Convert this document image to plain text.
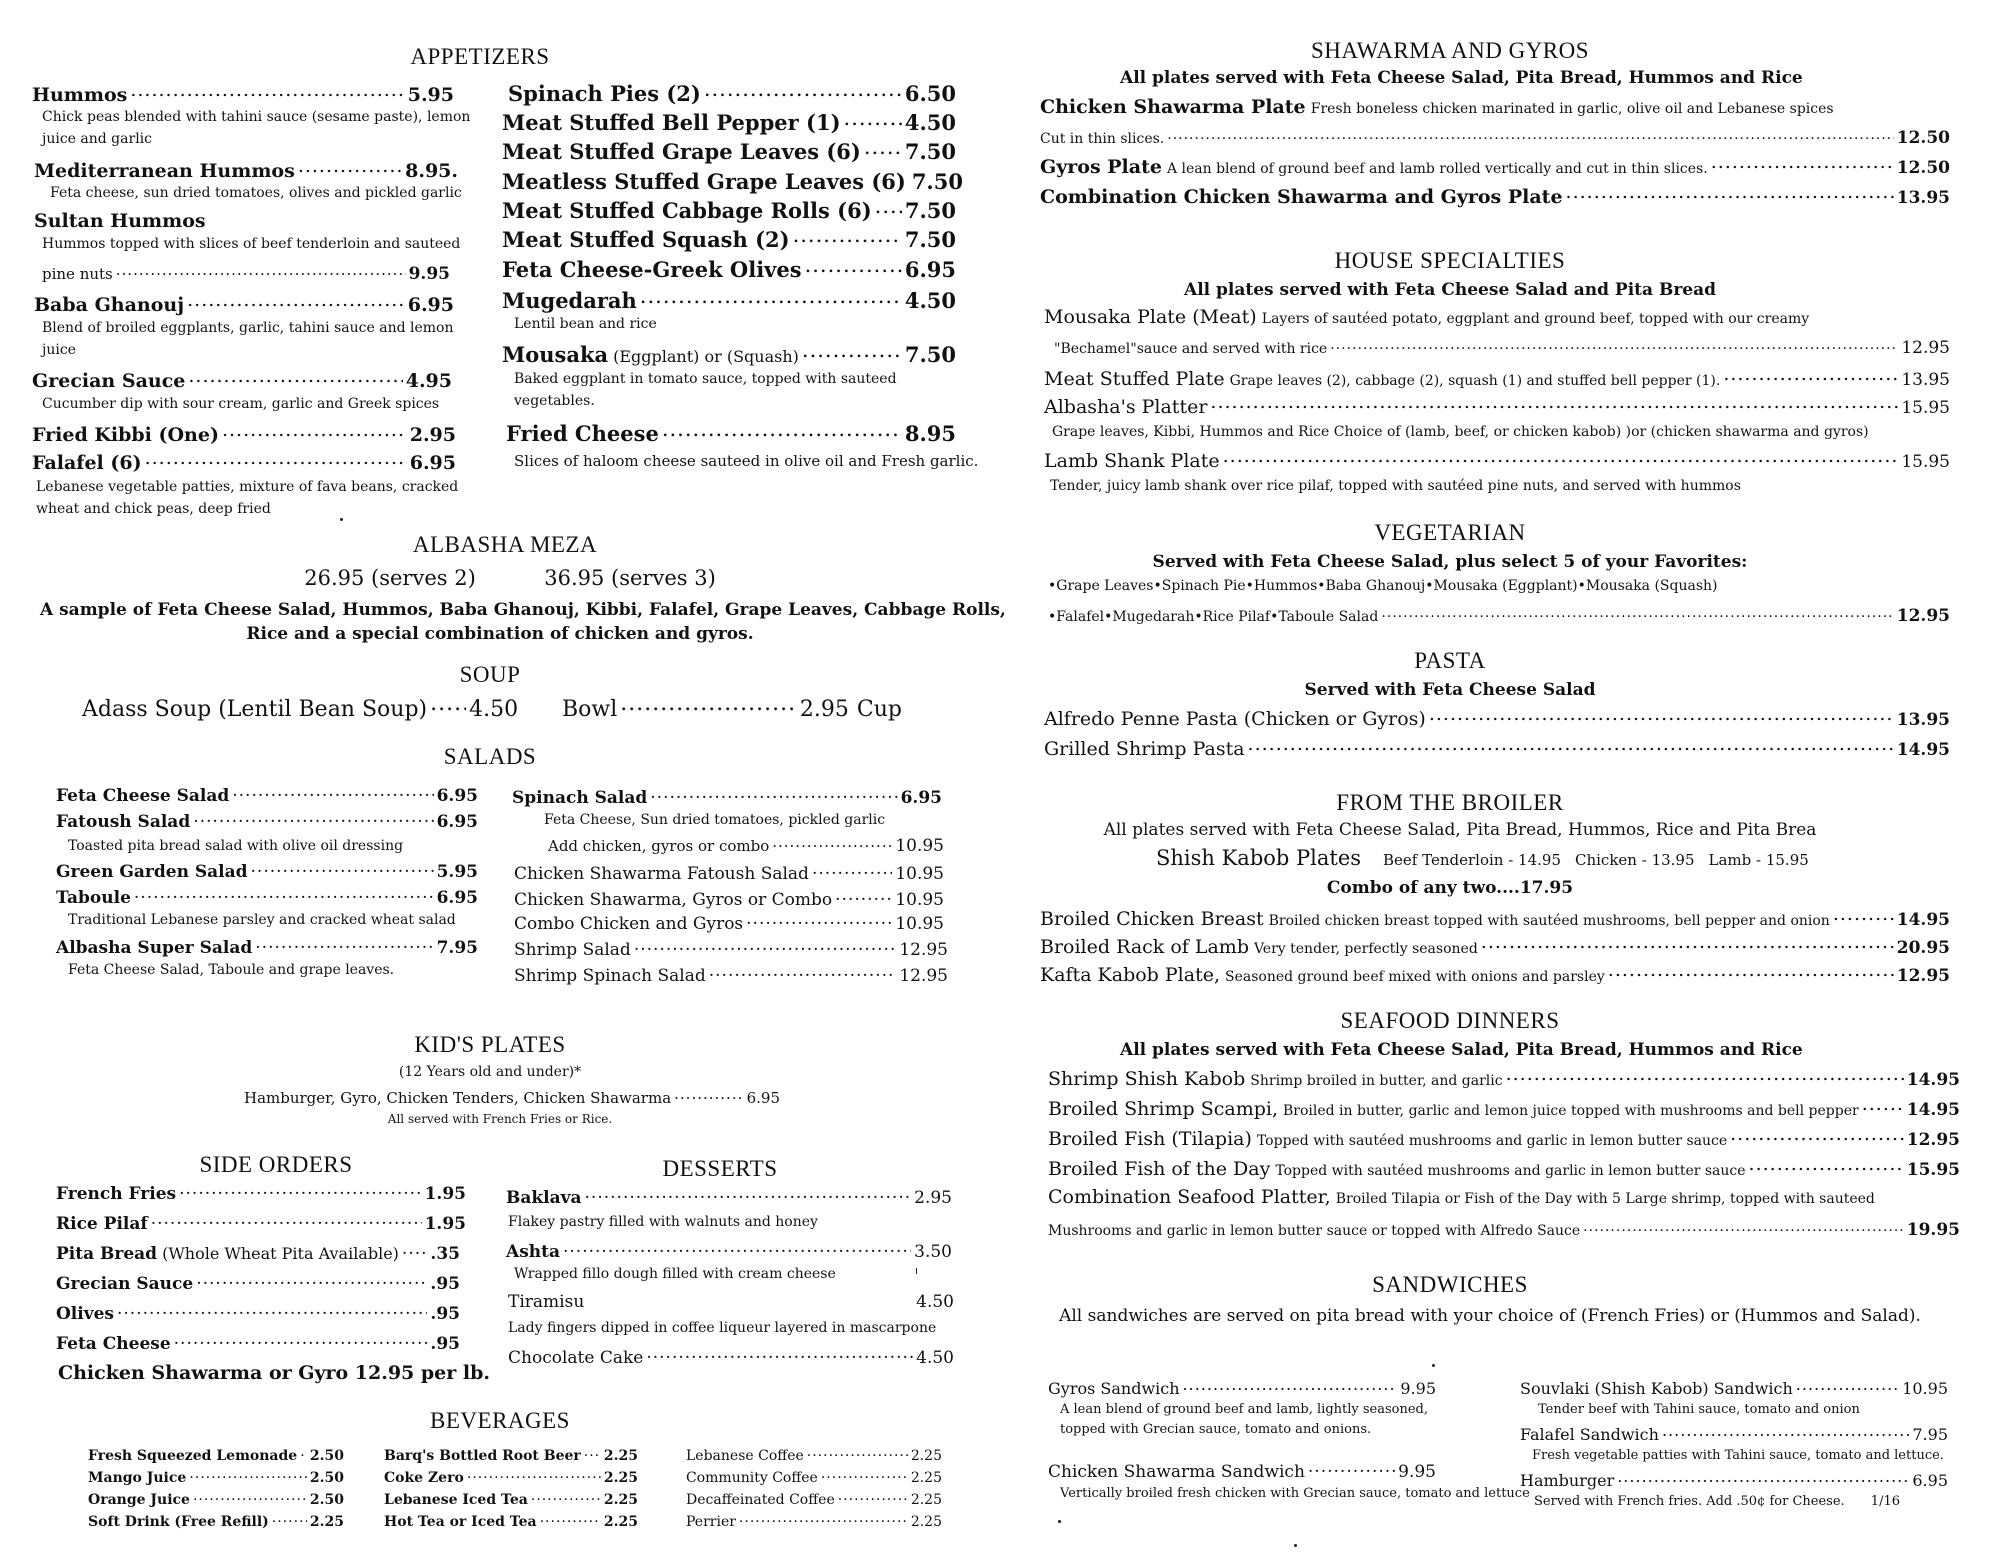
APPETIZERS
Hummos .....	5.95
Chick peas blended with tahini sauce (sesame paste), lemon juice and garlic
Mediterranean Hummos .....	8.95.
Feta cheese, sun dried tomatoes, olives and pickled garlic
Sultan Hummos
Hummos topped with slices of beef tenderloin and sauteed
pine nuts .....	9.95
Baba Ghanouj .....	6.95
Blend of broiled eggplants, garlic, tahini sauce and lemon juice
Grecian Sauce .....	4.95
Cucumber dip with sour cream, garlic and Greek spices
Fried Kibbi (One) .....	2.95
Falafel (6) .....	6.95
Lebanese vegetable patties, mixture of fava beans, cracked wheat and chick peas, deep fried
Spinach Pies (2) .....	6.50
Meat Stuffed Bell Pepper (1) .....	4.50
Meat Stuffed Grape Leaves (6) ..... 7.50
Meatless Stuffed Grape Leaves (6) 7.50
Meat Stuffed Cabbage Rolls (6) ..... 7.50
Meat Stuffed Squash (2) .....	7.50
Feta Cheese-Greek Olives .....	6.95
Mugedarah .....	4.50
Lentil bean and rice
Mousaka (Eggplant) or (Squash) .....	7.50
Baked eggplant in tomato sauce, topped with sauteed vegetables.
Fried Cheese .....	8.95
Slices of haloom cheese sauteed in olive oil and Fresh garlic.
ALBASHA MEZA
26.95 (serves 2)	36.95 (serves 3)
A sample of Feta Cheese Salad, Hummos, Baba Ghanouj, Kibbi, Falafel, Grape Leaves, Cabbage Rolls,
Rice and a special combination of chicken and gyros.
SOUP
Adass Soup (Lentil Bean Soup) ..... 4.50 Bowl .....	2.95 Cup
SALADS
Feta Cheese Salad .....	6.95
Fatoush Salad .....	6.95
Toasted pita bread salad with olive oil dressing
Green Garden Salad .....	5.95
Taboule .....	6.95
Traditional Lebanese parsley and cracked wheat salad
Albasha Super Salad .....	7.95
Feta Cheese Salad, Taboule and grape leaves.
Spinach Salad .....	6.95
Feta Cheese, Sun dried tomatoes, pickled garlic
Add chicken, gyros or combo .....	10.95
Chicken Shawarma Fatoush Salad .....	10.95
Chicken Shawarma, Gyros or Combo .....	10.95
Combo Chicken and Gyros .....	10.95
Shrimp Salad .....	12.95
Shrimp Spinach Salad .....	12.95
KID'S PLATES
(12 Years old and under)*
Hamburger, Gyro, Chicken Tenders, Chicken Shawarma .....	6.95
All served with French Fries or Rice.
SIDE ORDERS
French Fries .....	1.95
Rice Pilaf .....	1.95
Pita Bread (Whole Wheat Pita Available) ..... .35
Grecian Sauce .....	.95
Olives .....	.95
Feta Cheese .....	.95
Chicken Shawarma or Gyro ..... 12.95 per lb.
DESSERTS
Baklava .....	2.95
Flakey pastry filled with walnuts and honey
Ashta .....	3.50
Wrapped fillo dough filled with cream cheese
Tiramisu	4.50
Lady fingers dipped in coffee liqueur layered in mascarpone
Chocolate Cake .....	4.50
BEVERAGES
Fresh Squeezed Lemonade ..... 2.50
Mango Juice .....	2.50
Orange Juice .....	2.50
Soft Drink (Free Refill) .....	2.25
Barq's Bottled Root Beer ..... 2.25
Coke Zero .....	2.25
Lebanese Iced Tea .....	2.25
Hot Tea or Iced Tea .....	2.25
Lebanese Coffee .....	2.25
Community Coffee .....	2.25
Decaffeinated Coffee .....	2.25
Perrier .....	2.25
SHAWARMA AND GYROS
All plates served with Feta Cheese Salad, Pita Bread, Hummos and Rice
Chicken Shawarma Plate Fresh boneless chicken marinated in garlic, olive oil and Lebanese spices
Cut in thin slices. .....	12.50
Gyros Plate A lean blend of ground beef and lamb rolled vertically and cut in thin slices. .....	12.50
Combination Chicken Shawarma and Gyros Plate .....	13.95
HOUSE SPECIALTIES
All plates served with Feta Cheese Salad and Pita Bread
Mousaka Plate (Meat) Layers of sautéed potato, eggplant and ground beef, topped with our creamy
"Bechamel"sauce and served with rice .....	12.95
Meat Stuffed Plate Grape leaves (2), cabbage (2), squash (1) and stuffed bell pepper (1). .....	13.95
Albasha's Platter .....	15.95
Grape leaves, Kibbi, Hummos and Rice Choice of (lamb, beef, or chicken kabob) )or (chicken shawarma and gyros)
Lamb Shank Plate .....	15.95
Tender, juicy lamb shank over rice pilaf, topped with sautéed pine nuts, and served with hummos
VEGETARIAN
Served with Feta Cheese Salad, plus select 5 of your Favorites:
•Grape Leaves•Spinach Pie•Hummos•Baba Ghanouj•Mousaka (Eggplant)•Mousaka (Squash)
•Falafel•Mugedarah•Rice Pilaf•Taboule Salad .....	12.95
PASTA
Served with Feta Cheese Salad
Alfredo Penne Pasta (Chicken or Gyros) .....	13.95
Grilled Shrimp Pasta .....	14.95
FROM THE BROILER
All plates served with Feta Cheese Salad, Pita Bread, Hummos, Rice and Pita Brea
Shish Kabob Plates Beef Tenderloin - 14.95 Chicken - 13.95 Lamb - 15.95
Combo of any two....17.95
Broiled Chicken Breast Broiled chicken breast topped with sautéed mushrooms, bell pepper and onion .....	14.95
Broiled Rack of Lamb Very tender, perfectly seasoned .....	20.95
Kafta Kabob Plate, Seasoned ground beef mixed with onions and parsley .....	12.95
SEAFOOD DINNERS
All plates served with Feta Cheese Salad, Pita Bread, Hummos and Rice
Shrimp Shish Kabob Shrimp broiled in butter, and garlic .....	14.95
Broiled Shrimp Scampi, Broiled in butter, garlic and lemon juice topped with mushrooms and bell pepper .....	14.95
Broiled Fish (Tilapia) Topped with sautéed mushrooms and garlic in lemon butter sauce .....	12.95
Broiled Fish of the Day Topped with sautéed mushrooms and garlic in lemon butter sauce .....	15.95
Combination Seafood Platter, Broiled Tilapia or Fish of the Day with 5 Large shrimp, topped with sauteed
Mushrooms and garlic in lemon butter sauce or topped with Alfredo Sauce .....	19.95
SANDWICHES
All sandwiches are served on pita bread with your choice of (French Fries) or (Hummos and Salad).
Gyros Sandwich .....	9.95
A lean blend of ground beef and lamb, lightly seasoned,
topped with Grecian sauce, tomato and onions.
Chicken Shawarma Sandwich .....	9.95
Vertically broiled fresh chicken with Grecian sauce, tomato and lettuce
Souvlaki (Shish Kabob) Sandwich .....	10.95
Tender beef with Tahini sauce, tomato and onion
Falafel Sandwich .....	7.95
Fresh vegetable patties with Tahini sauce, tomato and lettuce.
Hamburger .....	6.95
Served with French fries. Add .50¢ for Cheese. 1/16
